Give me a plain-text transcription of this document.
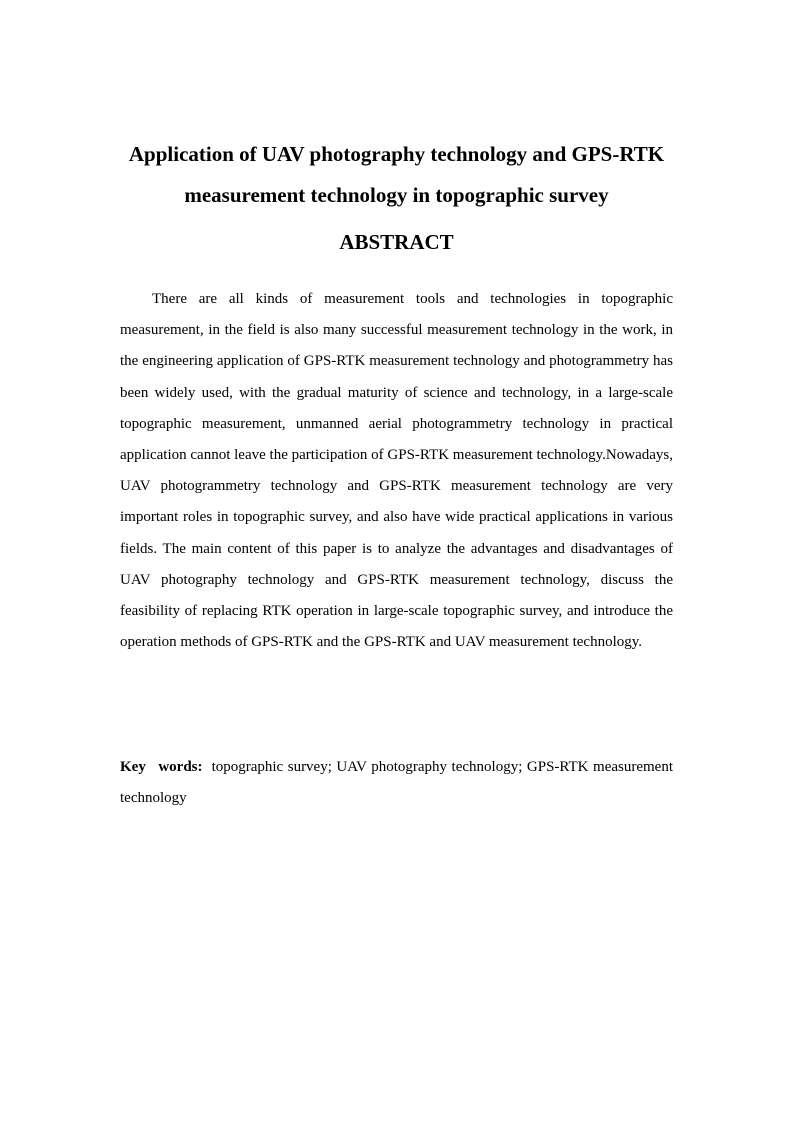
Application of UAV photography technology and GPS-RTK
measurement technology in topographic survey
ABSTRACT

There are all kinds of measurement tools and technologies in topographic measurement, in the field is also many successful measurement technology in the work, in the engineering application of GPS-RTK measurement technology and photogrammetry has been widely used, with the gradual maturity of science and technology, in a large-scale topographic measurement, unmanned aerial photogrammetry technology in practical application cannot leave the participation of GPS-RTK measurement technology.Nowadays, UAV photogrammetry technology and GPS-RTK measurement technology are very important roles in topographic survey, and also have wide practical applications in various fields. The main content of this paper is to analyze the advantages and disadvantages of UAV photography technology and GPS-RTK measurement technology, discuss the feasibility of replacing RTK operation in large-scale topographic survey, and introduce the operation methods of GPS-RTK and the GPS-RTK and UAV measurement technology.

Key words: topographic survey; UAV photography technology; GPS-RTK measurement technology
